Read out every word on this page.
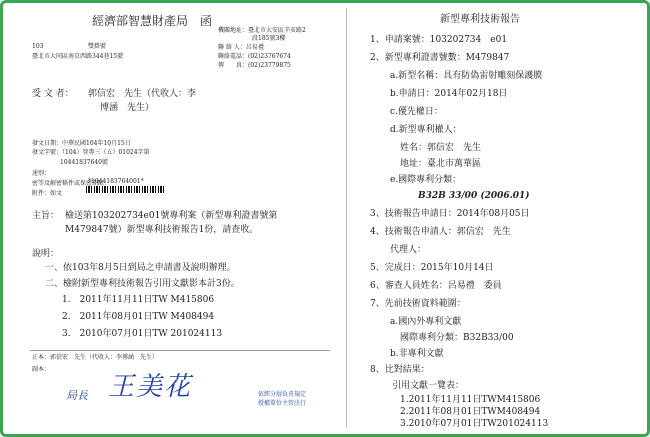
經濟部智慧財產局　函
機關地址：臺北市大安區辛亥路2
段185號3樓
聯 絡 人：呂易禮
聯絡電話：(02)23767674
傳　　真：(02)23779875
103	雙掛號
臺北市大同區南京西路344巷15號
受 文 者： 郭信宏　先生（代收人：李
博涵　先生）
發文日期：中華民國104年10月15日
發文字號：（104）智專三（五）01024字第
10441837640號
速別：
*1044183764001*
密等及解密條件或保密期限：
附件：如文
主旨： 檢送第103202734e01號專利案（新型專利證書號第
M479847號）新型專利技術報告1份，請查收。
說明：
一、依103年8月5日到局之申請書及說明辦理。
二、檢附新型專利技術報告引用文獻影本計3份。
1.　2011年11月11日TW M415806
2.　2011年08月01日TW M408494
3.　2010年07月01日TW 201024113
正本：郭信宏　先生（代收人：李博涵　先生）
副本：
局長 王美花	依經分層負責規定
授權單位主管決行
新型專利技術報告
1、申請案號：103202734　e01
2、新型專利證書號數：M479847
a.新型名稱：具有防偽雷射雕刻保護膜
b.申請日：2014年02月18日
c.優先權日：
d.新型專利權人：
姓名：郭信宏　先生
地址：臺北市萬華區
e.國際專利分類：
B32B 33/00 (2006.01)
3、技術報告申請日：2014年08月05日
4、技術報告申請人：郭信宏　先生
代理人：
5、完成日：2015年10月14日
6、審查人員姓名：呂易禮　委員
7、先前技術資料範圍：
a.國內外專利文獻
國際專利分類：B32B33/00
b.非專利文獻
8、比對結果：
引用文獻一覽表：
1.2011年11月11日TWM415806
2.2011年08月01日TWM408494
3.2010年07月01日TW201024113
